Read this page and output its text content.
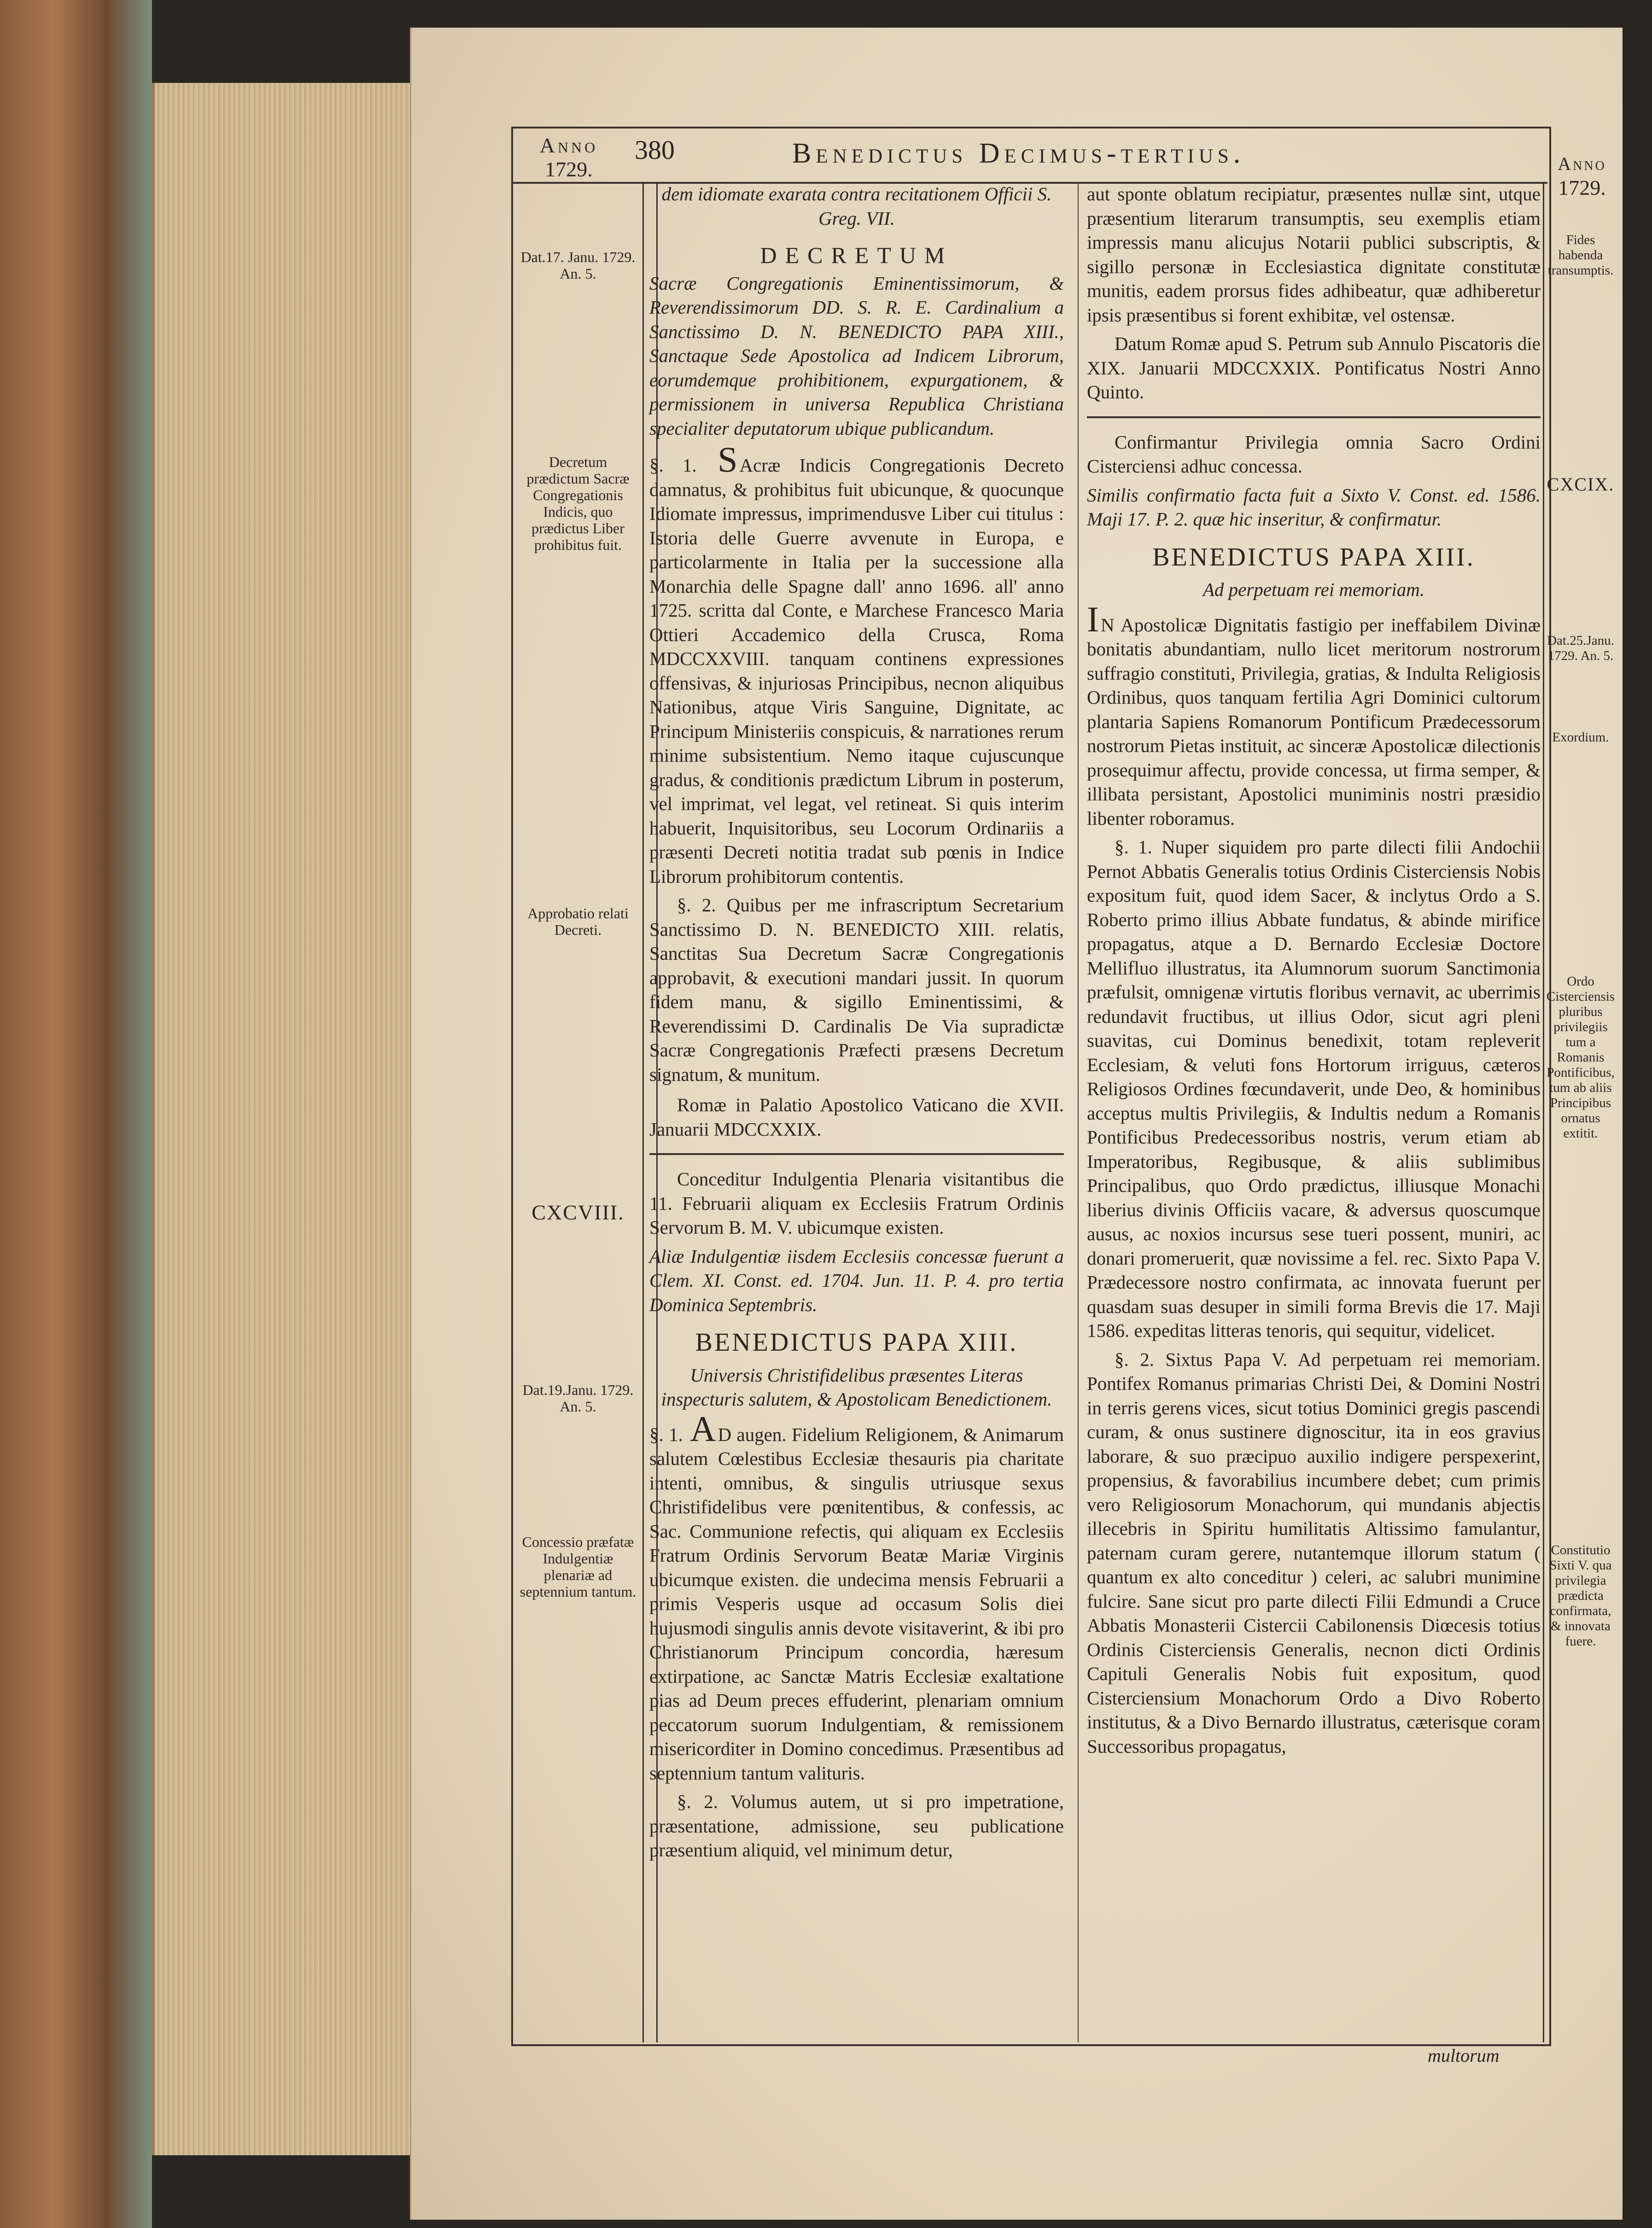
Anno
1729.
380	Benedictus Decimus-tertius.	Anno
1729.
Dat.17. Janu. 1729. An. 5.
Decretum prædictum Sacræ Congregationis Indicis, quo prædictus Liber prohibitus fuit.
Approbatio relati Decreti.
CXCVIII.
Dat.19.Janu. 1729. An. 5.
Concessio præfatæ Indulgentiæ plenariæ ad septennium tantum.
Fides habenda transumptis.
CXCIX.
Dat.25.Janu. 1729. An. 5.
Exordium.
Ordo Cisterciensis pluribus privilegiis tum a Romanis Pontificibus, tum ab aliis Principibus ornatus extitit.
Constitutio Sixti V. qua privilegia prædicta confirmata, & innovata fuere.

dem idiomate exarata contra recitationem Officii S. Greg. VII.

DECRETUM

Sacræ Congregationis Eminentissimorum, & Reverendissimorum DD. S. R. E. Cardinalium a Sanctissimo D. N. BENEDICTO PAPA XIII., Sanctaque Sede Apostolica ad Indicem Librorum, eorumdemque prohibitionem, expurgationem, & permissionem in universa Republica Christiana specialiter deputatorum ubique publicandum.

§. 1. SAcræ Indicis Congregationis Decreto damnatus, & prohibitus fuit ubicunque, & quocunque Idiomate impressus, imprimendusve Liber cui titulus : Istoria delle Guerre avvenute in Europa, e particolarmente in Italia per la successione alla Monarchia delle Spagne dall' anno 1696. all' anno 1725. scritta dal Conte, e Marchese Francesco Maria Ottieri Accademico della Crusca, Roma MDCCXXVIII. tanquam continens expressiones offensivas, & injuriosas Principibus, necnon aliquibus Nationibus, atque Viris Sanguine, Dignitate, ac Principum Ministeriis conspicuis, & narrationes rerum minime subsistentium. Nemo itaque cujuscunque gradus, & conditionis prædictum Librum in posterum, vel imprimat, vel legat, vel retineat. Si quis interim habuerit, Inquisitoribus, seu Locorum Ordinariis a præsenti Decreti notitia tradat sub pœnis in Indice Librorum prohibitorum contentis.

§. 2. Quibus per me infrascriptum Secretarium Sanctissimo D. N. BENEDICTO XIII. relatis, Sanctitas Sua Decretum Sacræ Congregationis approbavit, & executioni mandari jussit. In quorum fidem manu, & sigillo Eminentissimi, & Reverendissimi D. Cardinalis De Via supradictæ Sacræ Congregationis Præfecti præsens Decretum signatum, & munitum.

Romæ in Palatio Apostolico Vaticano die XVII. Januarii MDCCXXIX.

Conceditur Indulgentia Plenaria visitantibus die 11. Februarii aliquam ex Ecclesiis Fratrum Ordinis Servorum B. M. V. ubicumque existen.

Aliæ Indulgentiæ iisdem Ecclesiis concessæ fuerunt a Clem. XI. Const. ed. 1704. Jun. 11. P. 4. pro tertia Dominica Septembris.

BENEDICTUS PAPA XIII.

Universis Christifidelibus præsentes Literas inspecturis salutem, & Apostolicam Benedictionem.

§. 1. AD augen. Fidelium Religionem, & Animarum salutem Cœlestibus Ecclesiæ thesauris pia charitate intenti, omnibus, & singulis utriusque sexus Christifidelibus vere pœnitentibus, & confessis, ac Sac. Communione refectis, qui aliquam ex Ecclesiis Fratrum Ordinis Servorum Beatæ Mariæ Virginis ubicumque existen. die undecima mensis Februarii a primis Vesperis usque ad occasum Solis diei hujusmodi singulis annis devote visitaverint, & ibi pro Christianorum Principum concordia, hæresum extirpatione, ac Sanctæ Matris Ecclesiæ exaltatione pias ad Deum preces effuderint, plenariam omnium peccatorum suorum Indulgentiam, & remissionem misericorditer in Domino concedimus. Præsentibus ad septennium tantum valituris.

§. 2. Volumus autem, ut si pro impetratione, præsentatione, admissione, seu publicatione præsentium aliquid, vel minimum detur,

aut sponte oblatum recipiatur, præsentes nullæ sint, utque præsentium literarum transumptis, seu exemplis etiam impressis manu alicujus Notarii publici subscriptis, & sigillo personæ in Ecclesiastica dignitate constitutæ munitis, eadem prorsus fides adhibeatur, quæ adhiberetur ipsis præsentibus si forent exhibitæ, vel ostensæ.

Datum Romæ apud S. Petrum sub Annulo Piscatoris die XIX. Januarii MDCCXXIX. Pontificatus Nostri Anno Quinto.

Confirmantur Privilegia omnia Sacro Ordini Cisterciensi adhuc concessa.

Similis confirmatio facta fuit a Sixto V. Const. ed. 1586. Maji 17. P. 2. quæ hic inseritur, & confirmatur.

BENEDICTUS PAPA XIII.

Ad perpetuam rei memoriam.

IN Apostolicæ Dignitatis fastigio per ineffabilem Divinæ bonitatis abundantiam, nullo licet meritorum nostrorum suffragio constituti, Privilegia, gratias, & Indulta Religiosis Ordinibus, quos tanquam fertilia Agri Dominici cultorum plantaria Sapiens Romanorum Pontificum Prædecessorum nostrorum Pietas instituit, ac sinceræ Apostolicæ dilectionis prosequimur affectu, provide concessa, ut firma semper, & illibata persistant, Apostolici muniminis nostri præsidio libenter roboramus.

§. 1. Nuper siquidem pro parte dilecti filii Andochii Pernot Abbatis Generalis totius Ordinis Cisterciensis Nobis expositum fuit, quod idem Sacer, & inclytus Ordo a S. Roberto primo illius Abbate fundatus, & abinde mirifice propagatus, atque a D. Bernardo Ecclesiæ Doctore Mellifluo illustratus, ita Alumnorum suorum Sanctimonia præfulsit, omnigenæ virtutis floribus vernavit, ac uberrimis redundavit fructibus, ut illius Odor, sicut agri pleni suavitas, cui Dominus benedixit, totam repleverit Ecclesiam, & veluti fons Hortorum irriguus, cæteros Religiosos Ordines fœcundaverit, unde Deo, & hominibus acceptus multis Privilegiis, & Indultis nedum a Romanis Pontificibus Predecessoribus nostris, verum etiam ab Imperatoribus, Regibusque, & aliis sublimibus Principalibus, quo Ordo prædictus, illiusque Monachi liberius divinis Officiis vacare, & adversus quoscumque ausus, ac noxios incursus sese tueri possent, muniri, ac donari promeruerit, quæ novissime a fel. rec. Sixto Papa V. Prædecessore nostro confirmata, ac innovata fuerunt per quasdam suas desuper in simili forma Brevis die 17. Maji 1586. expeditas litteras tenoris, qui sequitur, videlicet.

§. 2. Sixtus Papa V. Ad perpetuam rei memoriam. Pontifex Romanus primarias Christi Dei, & Domini Nostri in terris gerens vices, sicut totius Dominici gregis pascendi curam, & onus sustinere dignoscitur, ita in eos gravius laborare, & suo præcipuo auxilio indigere perspexerint, propensius, & favorabilius incumbere debet; cum primis vero Religiosorum Monachorum, qui mundanis abjectis illecebris in Spiritu humilitatis Altissimo famulantur, paternam curam gerere, nutantemque illorum statum ( quantum ex alto conceditur ) celeri, ac salubri munimine fulcire. Sane sicut pro parte dilecti Filii Edmundi a Cruce Abbatis Monasterii Cistercii Cabilonensis Diœcesis totius Ordinis Cisterciensis Generalis, necnon dicti Ordinis Capituli Generalis Nobis fuit expositum, quod Cisterciensium Monachorum Ordo a Divo Roberto institutus, & a Divo Bernardo illustratus, cæterisque coram Successoribus propagatus,

multorum
